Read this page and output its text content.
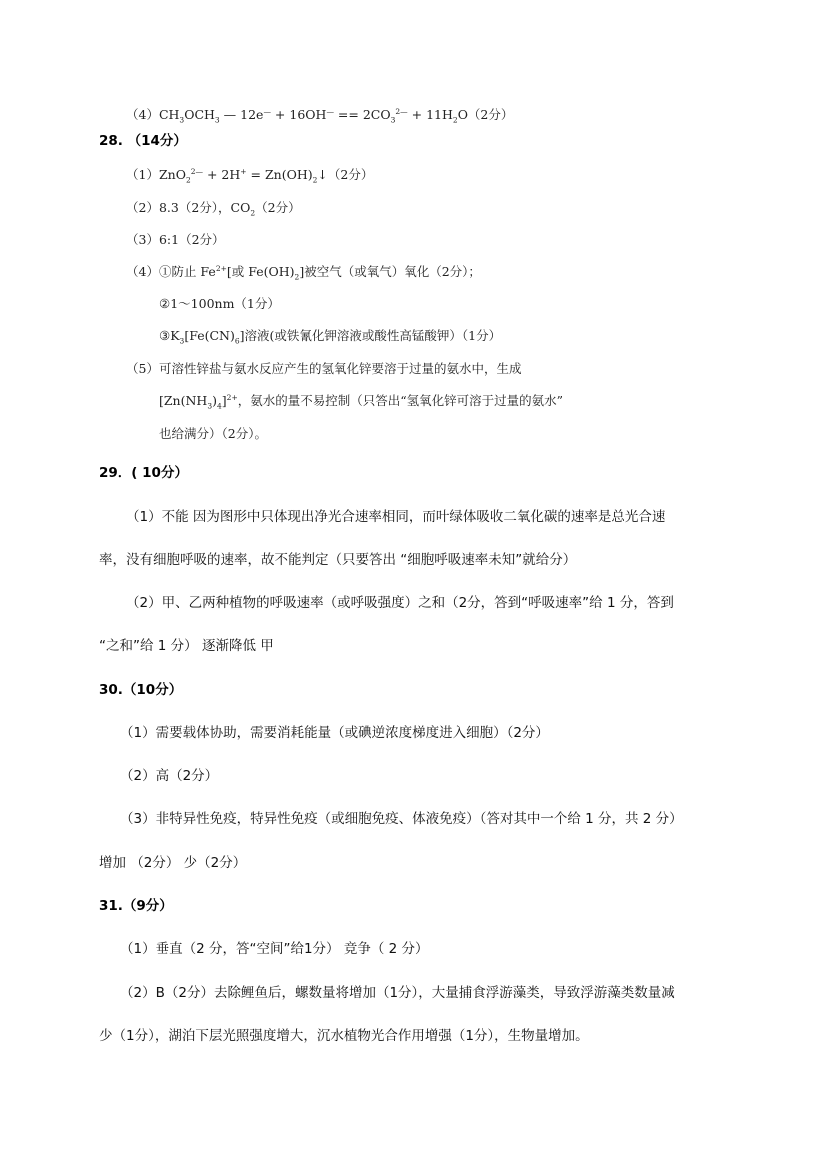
$(4)CH_3OCH_3$ — $12e^— + 16OH^— == 2CO_3^{2—} + 11H_2O(2$分）
28. （14分）
$(1)ZnO_2^{2—} + 2H^+ = Zn(OH)_2↓(2$分）
（2）8.3（2分），$CO_2(2$分）
（3）6:1（2分）
（4）①防止 $Fe^{2+}$[或 $Fe(OH)_2$]被空气（或氧气）氧化（2分）；
②1～100nm（1分）
$③K_3[Fe(CN)_6]$溶液(或铁氰化钾溶液或酸性高锰酸钾）（1分）
（5）可溶性锌盐与氨水反应产生的氢氧化锌要溶于过量的氨水中，生成
$[Zn(NH_3)_4]^{2+}$，氨水的量不易控制（只答出“氢氧化锌可溶于过量的氨水”
也给满分）（2分）。
29．( 10分）
（1）不能 因为图形中只体现出净光合速率相同，而叶绿体吸收二氧化碳的速率是总光合速
率，没有细胞呼吸的速率，故不能判定（只要答出 “细胞呼吸速率未知”就给分）
（2）甲、乙两种植物的呼吸速率（或呼吸强度）之和（2分，答到“呼吸速率”给 1 分，答到
“之和”给 1 分） 逐渐降低 甲
30.（10分）
（1）需要载体协助，需要消耗能量（或碘逆浓度梯度进入细胞）（2分）
（2）高（2分）
（3）非特异性免疫，特异性免疫（或细胞免疫、体液免疫）（答对其中一个给 1 分，共 2 分）
增加 （2分） 少（2分）
31.（9分）
（1）垂直（2 分，答“空间”给1分） 竞争（ 2 分）
（2）B（2分）去除鲤鱼后，螺数量将增加（1分），大量捕食浮游藻类，导致浮游藻类数量减
少（1分），湖泊下层光照强度增大，沉水植物光合作用增强（1分），生物量增加。
